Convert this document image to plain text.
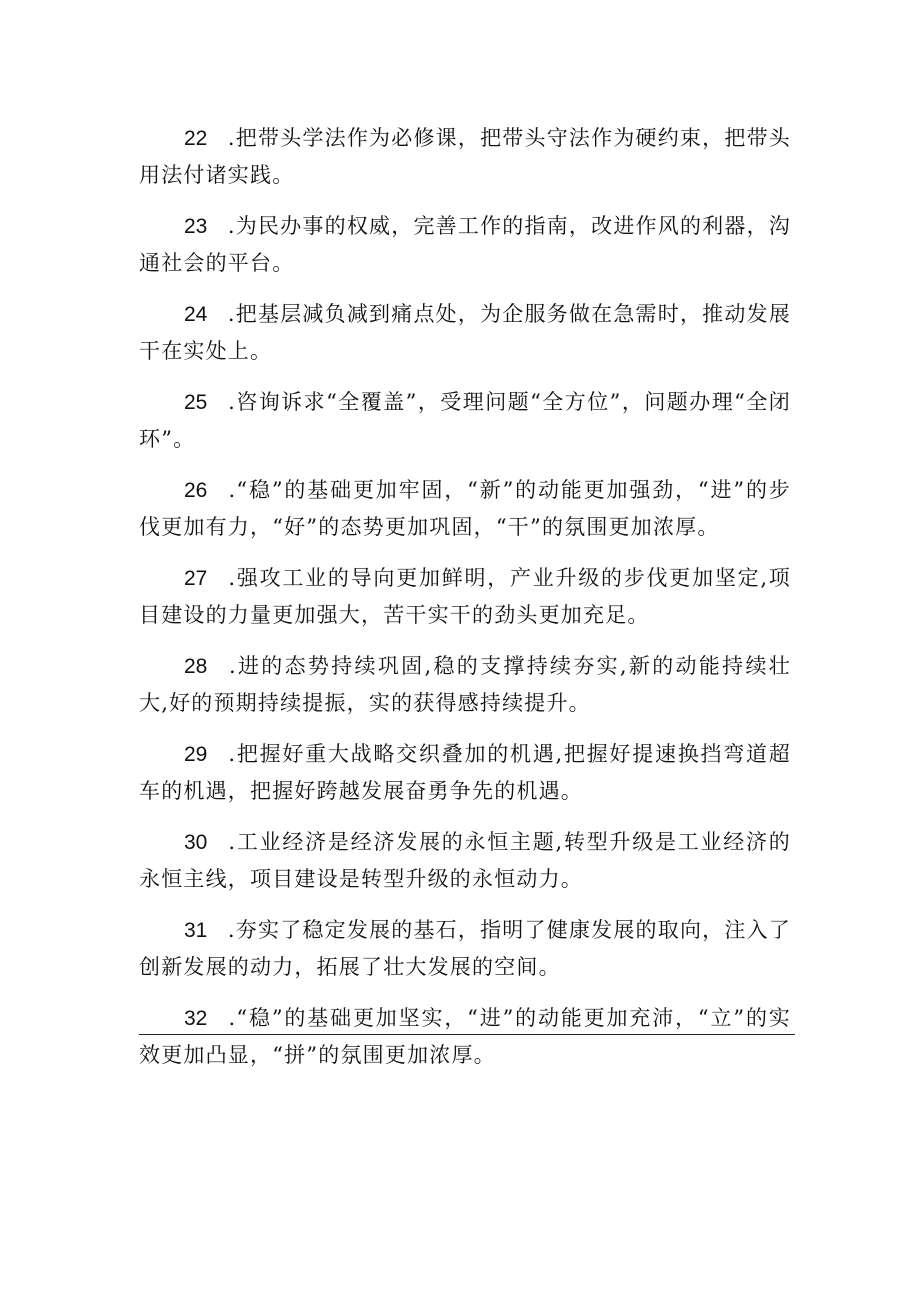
22 .把带头学法作为必修课，把带头守法作为硬约束，把带头用法付诸实践。

23 .为民办事的权威，完善工作的指南，改进作风的利器，沟通社会的平台。

24 .把基层减负减到痛点处，为企服务做在急需时，推动发展干在实处上。

25 .咨询诉求“全覆盖”，受理问题“全方位”，问题办理“全闭环”。

26 .“稳”的基础更加牢固，“新”的动能更加强劲，“进”的步伐更加有力，“好”的态势更加巩固，“干”的氛围更加浓厚。

27 .强攻工业的导向更加鲜明，产业升级的步伐更加坚定,项目建设的力量更加强大，苦干实干的劲头更加充足。

28 .进的态势持续巩固,稳的支撑持续夯实,新的动能持续壮大,好的预期持续提振，实的获得感持续提升。

29 .把握好重大战略交织叠加的机遇,把握好提速换挡弯道超车的机遇，把握好跨越发展奋勇争先的机遇。

30 .工业经济是经济发展的永恒主题,转型升级是工业经济的永恒主线，项目建设是转型升级的永恒动力。

31 .夯实了稳定发展的基石，指明了健康发展的取向，注入了创新发展的动力，拓展了壮大发展的空间。

32 .“稳”的基础更加坚实，“进”的动能更加充沛，“立”的实效更加凸显，“拼”的氛围更加浓厚。
